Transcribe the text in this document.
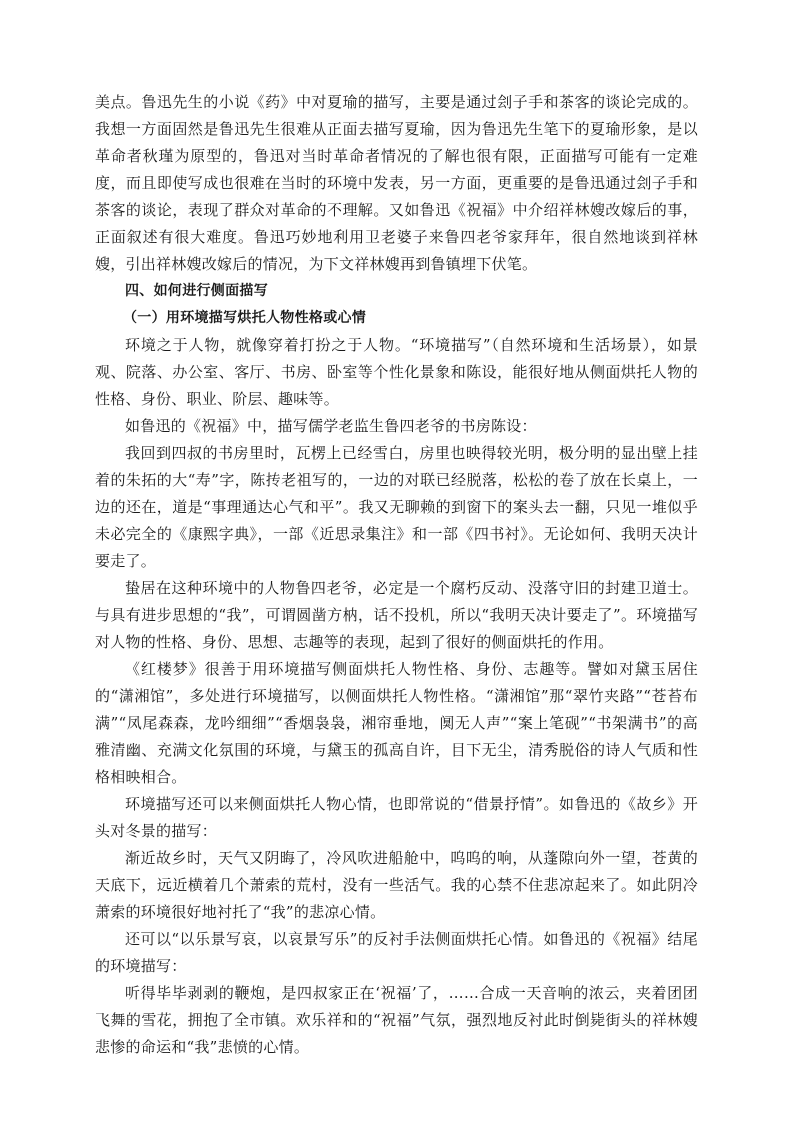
美点。鲁迅先生的小说《药》中对夏瑜的描写，主要是通过刽子手和茶客的谈论完成的。我想一方面固然是鲁迅先生很难从正面去描写夏瑜，因为鲁迅先生笔下的夏瑜形象，是以革命者秋瑾为原型的，鲁迅对当时革命者情况的了解也很有限，正面描写可能有一定难度，而且即使写成也很难在当时的环境中发表，另一方面，更重要的是鲁迅通过刽子手和茶客的谈论，表现了群众对革命的不理解。又如鲁迅《祝福》中介绍祥林嫂改嫁后的事，正面叙述有很大难度。鲁迅巧妙地利用卫老婆子来鲁四老爷家拜年，很自然地谈到祥林嫂，引出祥林嫂改嫁后的情况，为下文祥林嫂再到鲁镇埋下伏笔。

四、如何进行侧面描写

（一）用环境描写烘托人物性格或心情

环境之于人物，就像穿着打扮之于人物。“环境描写”（自然环境和生活场景），如景观、院落、办公室、客厅、书房、卧室等个性化景象和陈设，能很好地从侧面烘托人物的性格、身份、职业、阶层、趣味等。

如鲁迅的《祝福》中，描写儒学老监生鲁四老爷的书房陈设：

我回到四叔的书房里时，瓦楞上已经雪白，房里也映得较光明，极分明的显出壁上挂着的朱拓的大“寿”字，陈抟老祖写的，一边的对联已经脱落，松松的卷了放在长桌上，一边的还在，道是“事理通达心气和平”。我又无聊赖的到窗下的案头去一翻，只见一堆似乎未必完全的《康熙字典》，一部《近思录集注》和一部《四书衬》。无论如何、我明天决计要走了。

蛰居在这种环境中的人物鲁四老爷，必定是一个腐朽反动、没落守旧的封建卫道士。与具有进步思想的“我”，可谓圆凿方枘，话不投机，所以“我明天决计要走了”。环境描写对人物的性格、身份、思想、志趣等的表现，起到了很好的侧面烘托的作用。

《红楼梦》很善于用环境描写侧面烘托人物性格、身份、志趣等。譬如对黛玉居住的“潇湘馆”，多处进行环境描写，以侧面烘托人物性格。“潇湘馆”那“翠竹夹路”“苍苔布满”“凤尾森森，龙吟细细”“香烟袅袅，湘帘垂地，阒无人声”“案上笔砚”“书架满书”的高雅清幽、充满文化氛围的环境，与黛玉的孤高自许，目下无尘，清秀脱俗的诗人气质和性格相映相合。

环境描写还可以来侧面烘托人物心情，也即常说的“借景抒情”。如鲁迅的《故乡》开头对冬景的描写：

渐近故乡时，天气又阴晦了，冷风吹进船舱中，呜呜的响，从蓬隙向外一望，苍黄的天底下，远近横着几个萧索的荒村，没有一些活气。我的心禁不住悲凉起来了。如此阴冷萧索的环境很好地衬托了“我”的悲凉心情。

还可以“以乐景写哀，以哀景写乐”的反衬手法侧面烘托心情。如鲁迅的《祝福》结尾的环境描写：

听得毕毕剥剥的鞭炮，是四叔家正在‘祝福’了，……合成一天音响的浓云，夹着团团飞舞的雪花，拥抱了全市镇。欢乐祥和的“祝福”气氛，强烈地反衬此时倒毙街头的祥林嫂悲惨的命运和“我”悲愤的心情。
